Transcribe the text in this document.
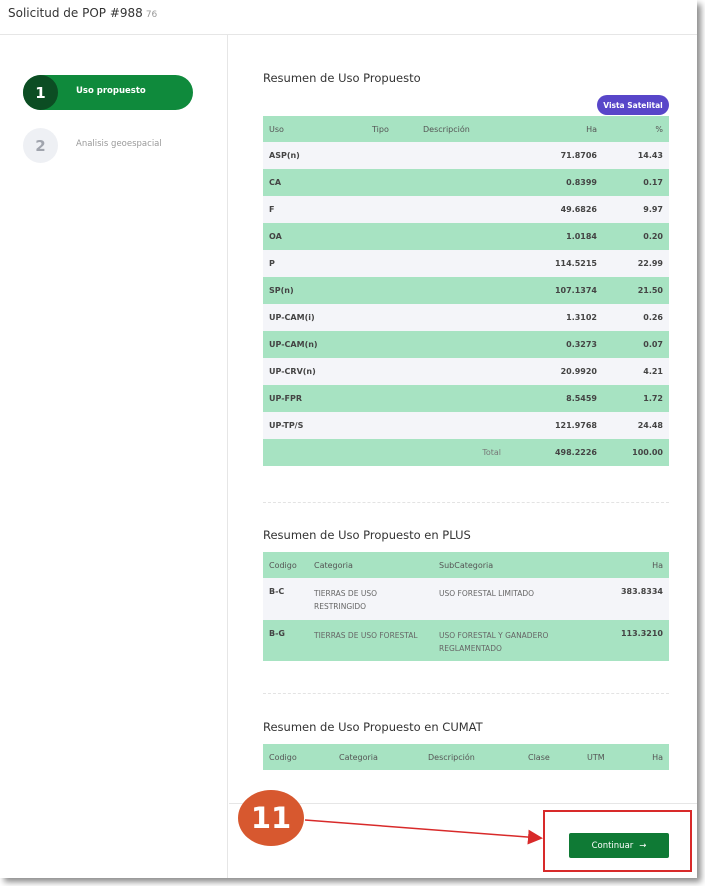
Solicitud de POP #988 76
1	Uso propuesto
2	Analisis geoespacial
Resumen de Uso Propuesto
Vista Satelital
Uso	Tipo	Descripción	Ha	%
ASP(n)			71.8706	14.43
CA			0.8399	0.17
F			49.6826	9.97
OA			1.0184	0.20
P			114.5215	22.99
SP(n)			107.1374	21.50
UP-CAM(i)			1.3102	0.26
UP-CAM(n)			0.3273	0.07
UP-CRV(n)			20.9920	4.21
UP-FPR			8.5459	1.72
UP-TP/S			121.9768	24.48
		Total	498.2226	100.00
Resumen de Uso Propuesto en PLUS
Codigo	Categoria	SubCategoria	Ha
B-C	TIERRAS DE USO RESTRINGIDO	USO FORESTAL LIMITADO	383.8334
B-G	TIERRAS DE USO FORESTAL	USO FORESTAL Y GANADERO REGLAMENTADO	113.3210
Resumen de Uso Propuesto en CUMAT
Codigo	Categoria	Descripción	Clase	UTM	Ha
Continuar →
11
